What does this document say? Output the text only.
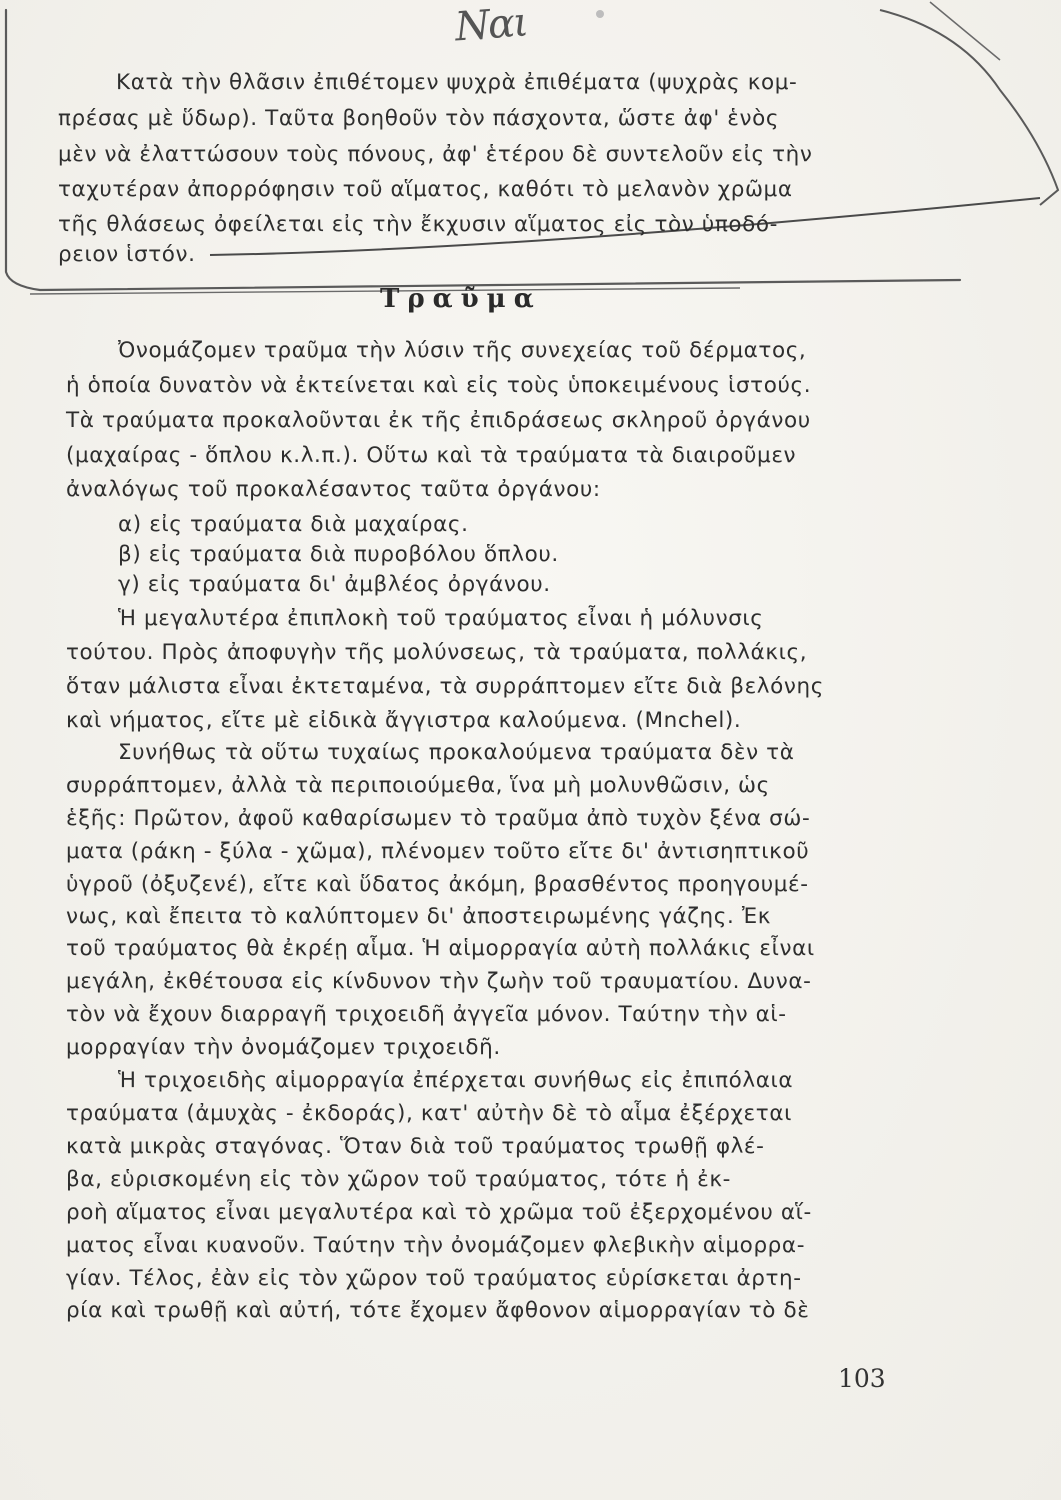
Ναι
Κατὰ τὴν θλᾶσιν ἐπιθέτομεν ψυχρὰ ἐπιθέματα (ψυχρὰς κομ-
πρέσας μὲ ὕδωρ). Ταῦτα βοηθοῦν τὸν πάσχοντα, ὥστε ἀφ' ἑνὸς
μὲν νὰ ἐλαττώσουν τοὺς πόνους, ἀφ' ἑτέρου δὲ συντελοῦν εἰς τὴν
ταχυτέραν ἀπορρόφησιν τοῦ αἵματος, καθότι τὸ μελανὸν χρῶμα
τῆς θλάσεως ὀφείλεται εἰς τὴν ἔκχυσιν αἵματος εἰς τὸν ὑποδό-
ρειον ἱστόν.
Τραῦμα
Ὀνομάζομεν τραῦμα τὴν λύσιν τῆς συνεχείας τοῦ δέρματος,
ἡ ὁποία δυνατὸν νὰ ἐκτείνεται καὶ εἰς τοὺς ὑποκειμένους ἱστούς.
Τὰ τραύματα προκαλοῦνται ἐκ τῆς ἐπιδράσεως σκληροῦ ὀργάνου
(μαχαίρας - ὅπλου κ.λ.π.). Οὕτω καὶ τὰ τραύματα τὰ διαιροῦμεν
ἀναλόγως τοῦ προκαλέσαντος ταῦτα ὀργάνου:
α) εἰς τραύματα διὰ μαχαίρας.
β) εἰς τραύματα διὰ πυροβόλου ὅπλου.
γ) εἰς τραύματα δι' ἀμβλέος ὀργάνου.
Ἡ μεγαλυτέρα ἐπιπλοκὴ τοῦ τραύματος εἶναι ἡ μόλυνσις
τούτου. Πρὸς ἀποφυγὴν τῆς μολύνσεως, τὰ τραύματα, πολλάκις,
ὅταν μάλιστα εἶναι ἐκτεταμένα, τὰ συρράπτομεν εἴτε διὰ βελόνης
καὶ νήματος, εἴτε μὲ εἰδικὰ ἄγγιστρα καλούμενα. (Mnchel).
Συνήθως τὰ οὕτω τυχαίως προκαλούμενα τραύματα δὲν τὰ
συρράπτομεν, ἀλλὰ τὰ περιποιούμεθα, ἵνα μὴ μολυνθῶσιν, ὡς
ἑξῆς: Πρῶτον, ἀφοῦ καθαρίσωμεν τὸ τραῦμα ἀπὸ τυχὸν ξένα σώ-
ματα (ράκη - ξύλα - χῶμα), πλένομεν τοῦτο εἴτε δι' ἀντισηπτικοῦ
ὑγροῦ (ὀξυζενέ), εἴτε καὶ ὕδατος ἀκόμη, βρασθέντος προηγουμέ-
νως, καὶ ἔπειτα τὸ καλύπτομεν δι' ἀποστειρωμένης γάζης. Ἐκ
τοῦ τραύματος θὰ ἐκρέῃ αἷμα. Ἡ αἱμορραγία αὐτὴ πολλάκις εἶναι
μεγάλη, ἐκθέτουσα εἰς κίνδυνον τὴν ζωὴν τοῦ τραυματίου. Δυνα-
τὸν νὰ ἔχουν διαρραγῆ τριχοειδῆ ἀγγεῖα μόνον. Ταύτην τὴν αἱ-
μορραγίαν τὴν ὀνομάζομεν τριχοειδῆ.
Ἡ τριχοειδὴς αἱμορραγία ἐπέρχεται συνήθως εἰς ἐπιπόλαια
τραύματα (ἀμυχὰς - ἐκδοράς), κατ' αὐτὴν δὲ τὸ αἷμα ἐξέρχεται
κατὰ μικρὰς σταγόνας. Ὅταν διὰ τοῦ τραύματος τρωθῇ φλέ-
βα, εὑρισκομένη εἰς τὸν χῶρον τοῦ τραύματος, τότε ἡ ἐκ-
ροὴ αἵματος εἶναι μεγαλυτέρα καὶ τὸ χρῶμα τοῦ ἐξερχομένου αἵ-
ματος εἶναι κυανοῦν. Ταύτην τὴν ὀνομάζομεν φλεβικὴν αἱμορρα-
γίαν. Τέλος, ἐὰν εἰς τὸν χῶρον τοῦ τραύματος εὑρίσκεται ἀρτη-
ρία καὶ τρωθῇ καὶ αὐτή, τότε ἔχομεν ἄφθονον αἱμορραγίαν τὸ δὲ
103
